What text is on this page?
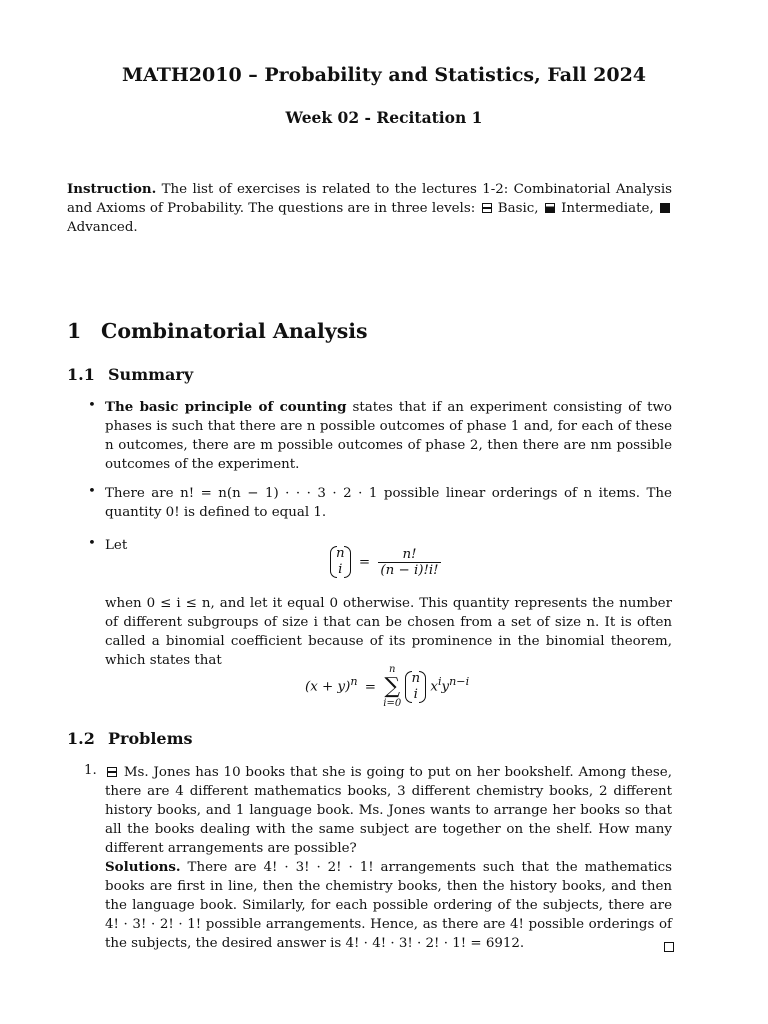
MATH2010 – Probability and Statistics, Fall 2024
Week 02 - Recitation 1
Instruction. The list of exercises is related to the lectures 1-2: Combinatorial Analysis and Axioms of Probability. The questions are in three levels:  Basic,  Intermediate,  Advanced.
1 Combinatorial Analysis
1.1 Summary
• The basic principle of counting states that if an experiment consisting of two phases is such that there are n possible outcomes of phase 1 and, for each of these n outcomes, there are m possible outcomes of phase 2, then there are nm possible outcomes of the experiment.
• There are n! = n(n − 1) · · · 3 · 2 · 1 possible linear orderings of n items. The quantity 0! is defined to equal 1.
• Let
n
$i = \frac{n!}{(n - i)!i!}$
when 0 ≤ i ≤ n, and let it equal 0 otherwise. This quantity represents the number of different subgroups of size i that can be chosen from a set of size n. It is often called a binomial coefficient because of its prominence in the binomial theorem, which states that
$(x + y)^n$ =
n
∑
i=0
n
i $x^iy^{n-i}$
1.2 Problems
1.	Ms. Jones has 10 books that she is going to put on her bookshelf. Among these, there are 4 different mathematics books, 3 different chemistry books, 2 different history books, and 1 language book. Ms. Jones wants to arrange her books so that all the books dealing with the same subject are together on the shelf. How many different arrangements are possible?
Solutions. There are 4! · 3! · 2! · 1! arrangements such that the mathematics books are first in line, then the chemistry books, then the history books, and then the language book. Similarly, for each possible ordering of the subjects, there are 4! · 3! · 2! · 1! possible arrangements. Hence, as there are 4! possible orderings of the subjects, the desired answer is 4! · 4! · 3! · 2! · 1! = 6912.
